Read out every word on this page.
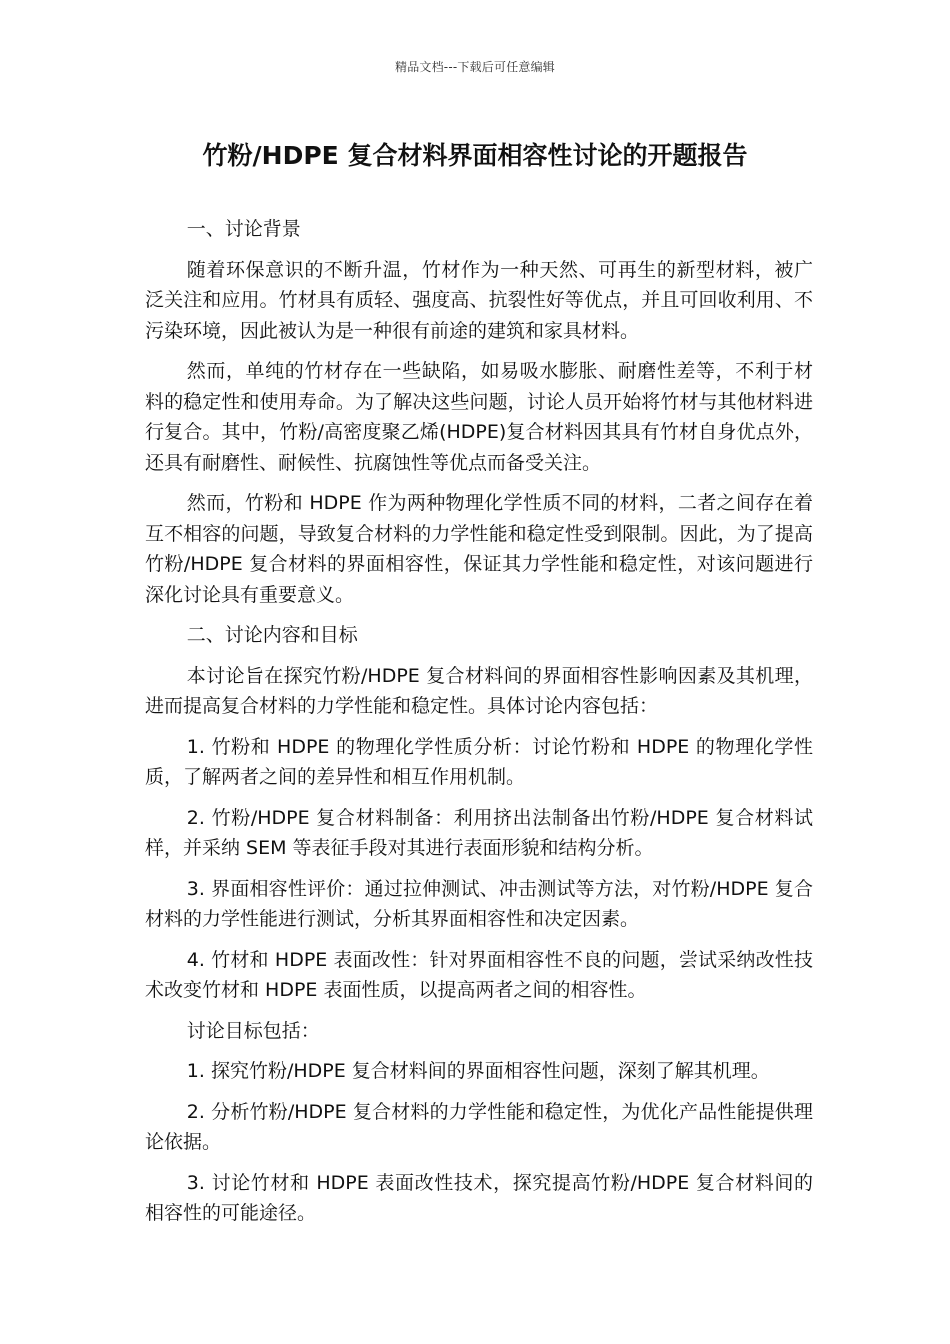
精品文档---下载后可任意编辑
竹粉/HDPE 复合材料界面相容性讨论的开题报告
一、讨论背景

随着环保意识的不断升温，竹材作为一种天然、可再生的新型材料，被广泛关注和应用。竹材具有质轻、强度高、抗裂性好等优点，并且可回收利用、不污染环境，因此被认为是一种很有前途的建筑和家具材料。

然而，单纯的竹材存在一些缺陷，如易吸水膨胀、耐磨性差等，不利于材料的稳定性和使用寿命。为了解决这些问题，讨论人员开始将竹材与其他材料进行复合。其中，竹粉/高密度聚乙烯(HDPE)复合材料因其具有竹材自身优点外，还具有耐磨性、耐候性、抗腐蚀性等优点而备受关注。

然而，竹粉和 HDPE 作为两种物理化学性质不同的材料，二者之间存在着互不相容的问题，导致复合材料的力学性能和稳定性受到限制。因此，为了提高竹粉/HDPE 复合材料的界面相容性，保证其力学性能和稳定性，对该问题进行深化讨论具有重要意义。

二、讨论内容和目标

本讨论旨在探究竹粉/HDPE 复合材料间的界面相容性影响因素及其机理，进而提高复合材料的力学性能和稳定性。具体讨论内容包括：

1. 竹粉和 HDPE 的物理化学性质分析：讨论竹粉和 HDPE 的物理化学性质，了解两者之间的差异性和相互作用机制。

2. 竹粉/HDPE 复合材料制备：利用挤出法制备出竹粉/HDPE 复合材料试样，并采纳 SEM 等表征手段对其进行表面形貌和结构分析。

3. 界面相容性评价：通过拉伸测试、冲击测试等方法，对竹粉/HDPE 复合材料的力学性能进行测试，分析其界面相容性和决定因素。

4. 竹材和 HDPE 表面改性：针对界面相容性不良的问题，尝试采纳改性技术改变竹材和 HDPE 表面性质，以提高两者之间的相容性。

讨论目标包括：

1. 探究竹粉/HDPE 复合材料间的界面相容性问题，深刻了解其机理。

2. 分析竹粉/HDPE 复合材料的力学性能和稳定性，为优化产品性能提供理论依据。

3. 讨论竹材和 HDPE 表面改性技术，探究提高竹粉/HDPE 复合材料间的相容性的可能途径。
